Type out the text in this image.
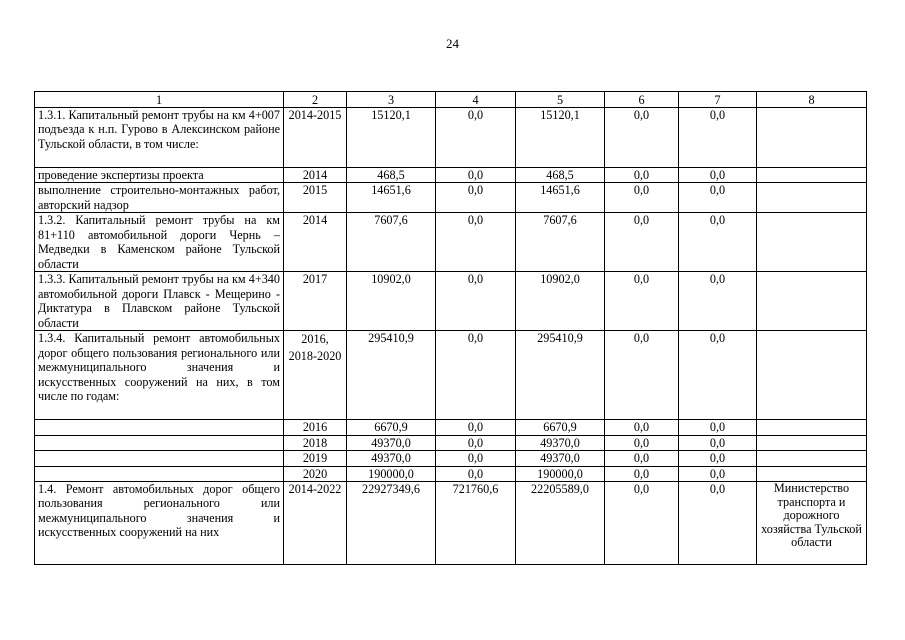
24
1	2	3	4	5	6	7	8
1.3.1. Капитальный ремонт трубы на км 4+007 подъезда к н.п. Гурово в Алексинском районе Тульской области, в том числе:	2014-2015	15120,1	0,0	15120,1	0,0	0,0	
проведение экспертизы проекта	2014	468,5	0,0	468,5	0,0	0,0	
выполнение строительно-монтажных работ, авторский надзор	2015	14651,6	0,0	14651,6	0,0	0,0	
1.3.2. Капитальный ремонт трубы на км 81+110 автомобильной дороги Чернь – Медведки в Каменском районе Тульской области	2014	7607,6	0,0	7607,6	0,0	0,0	
1.3.3. Капитальный ремонт трубы на км 4+340 автомобильной дороги Плавск - Мещерино - Диктатура в Плавском районе Тульской области	2017	10902,0	0,0	10902,0	0,0	0,0	
1.3.4. Капитальный ремонт автомобильных дорог общего пользования регионального или межмуниципального значения и искусственных сооружений на них, в том числе по годам:	2016, 2018-2020	295410,9	0,0	295410,9	0,0	0,0	
	2016	6670,9	0,0	6670,9	0,0	0,0	
	2018	49370,0	0,0	49370,0	0,0	0,0	
	2019	49370,0	0,0	49370,0	0,0	0,0	
	2020	190000,0	0,0	190000,0	0,0	0,0	
1.4. Ремонт автомобильных дорог общего пользования регионального или межмуниципального значения и искусственных сооружений на них	2014-2022	22927349,6	721760,6	22205589,0	0,0	0,0	Министерство транспорта и дорожного хозяйства Тульской области
